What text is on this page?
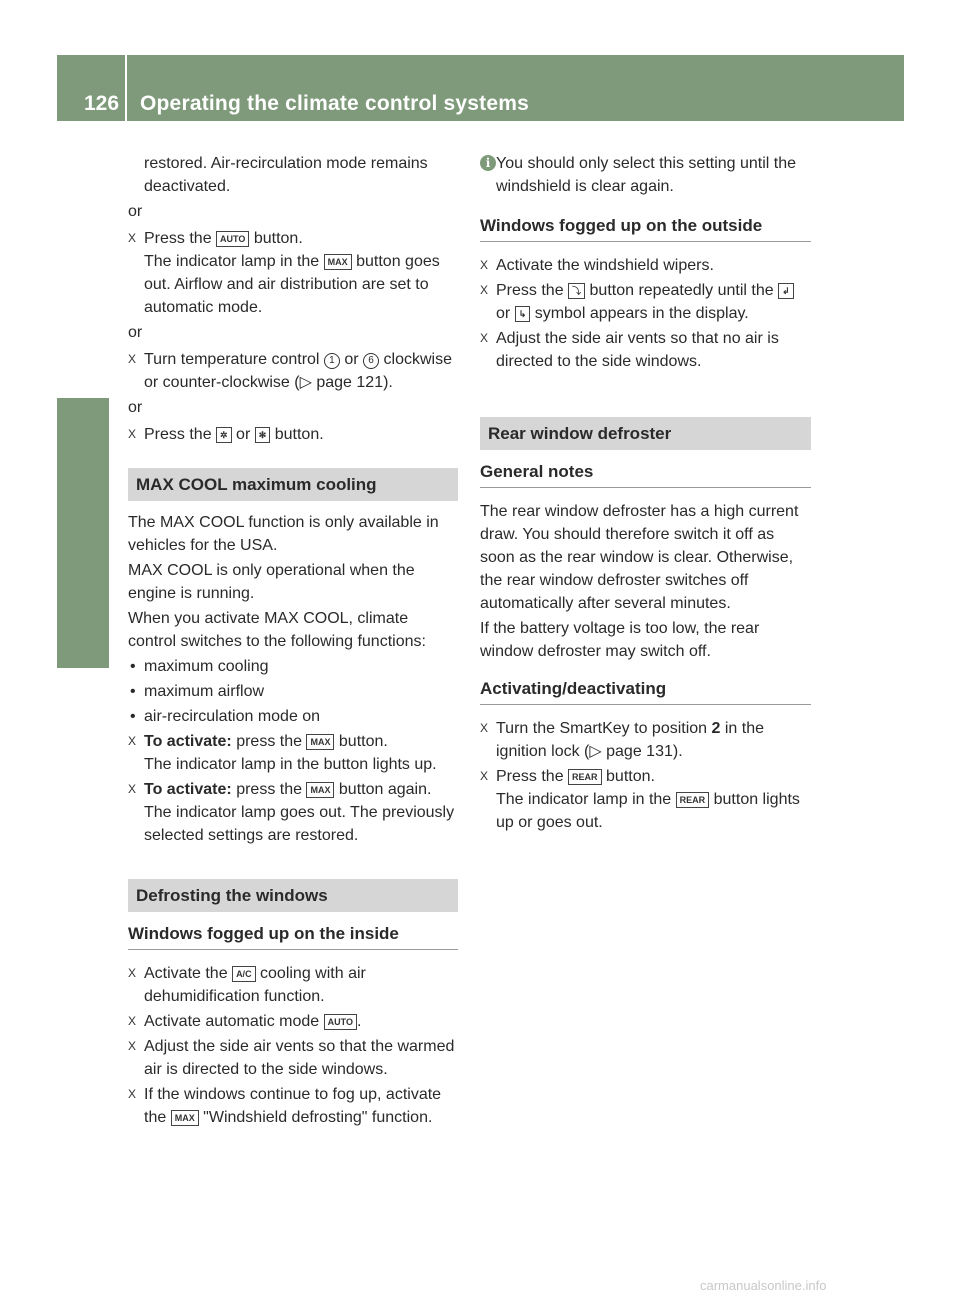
126 Operating the climate control systems
Climate control

restored. Air-recirculation mode remains deactivated.

or

X Press the AUTO button.
The indicator lamp in the MAX button goes out. Airflow and air distribution are set to automatic mode.

or

X Turn temperature control 1 or 6 clockwise or counter-clockwise (▷ page 121).

or

X Press the ✲ or ✻ button.
MAX COOL maximum cooling

The MAX COOL function is only available in vehicles for the USA.

MAX COOL is only operational when the engine is running.

When you activate MAX COOL, climate control switches to the following functions:

• maximum cooling
• maximum airflow
• air-recirculation mode on
X To activate: press the MAX button.
The indicator lamp in the button lights up.
X To activate: press the MAX button again.
The indicator lamp goes out. The previously selected settings are restored.
Defrosting the windows
Windows fogged up on the inside
X Activate the A/C cooling with air dehumidification function.
X Activate automatic mode AUTO .
X Adjust the side air vents so that the warmed air is directed to the side windows.
X If the windows continue to fog up, activate the MAX "Windshield defrosting" function.

i You should only select this setting until the windshield is clear again.

Windows fogged up on the outside
X Activate the windshield wipers.
X Press the ⤵ button repeatedly until the ↲ or ↳ symbol appears in the display.
X Adjust the side air vents so that no air is directed to the side windows.
Rear window defroster
General notes

The rear window defroster has a high current draw. You should therefore switch it off as soon as the rear window is clear. Otherwise, the rear window defroster switches off automatically after several minutes.

If the battery voltage is too low, the rear window defroster may switch off.

Activating/deactivating
X Turn the SmartKey to position 2 in the ignition lock (▷ page 131).
X Press the REAR button.
The indicator lamp in the REAR button lights up or goes out.
carmanualsonline.info
